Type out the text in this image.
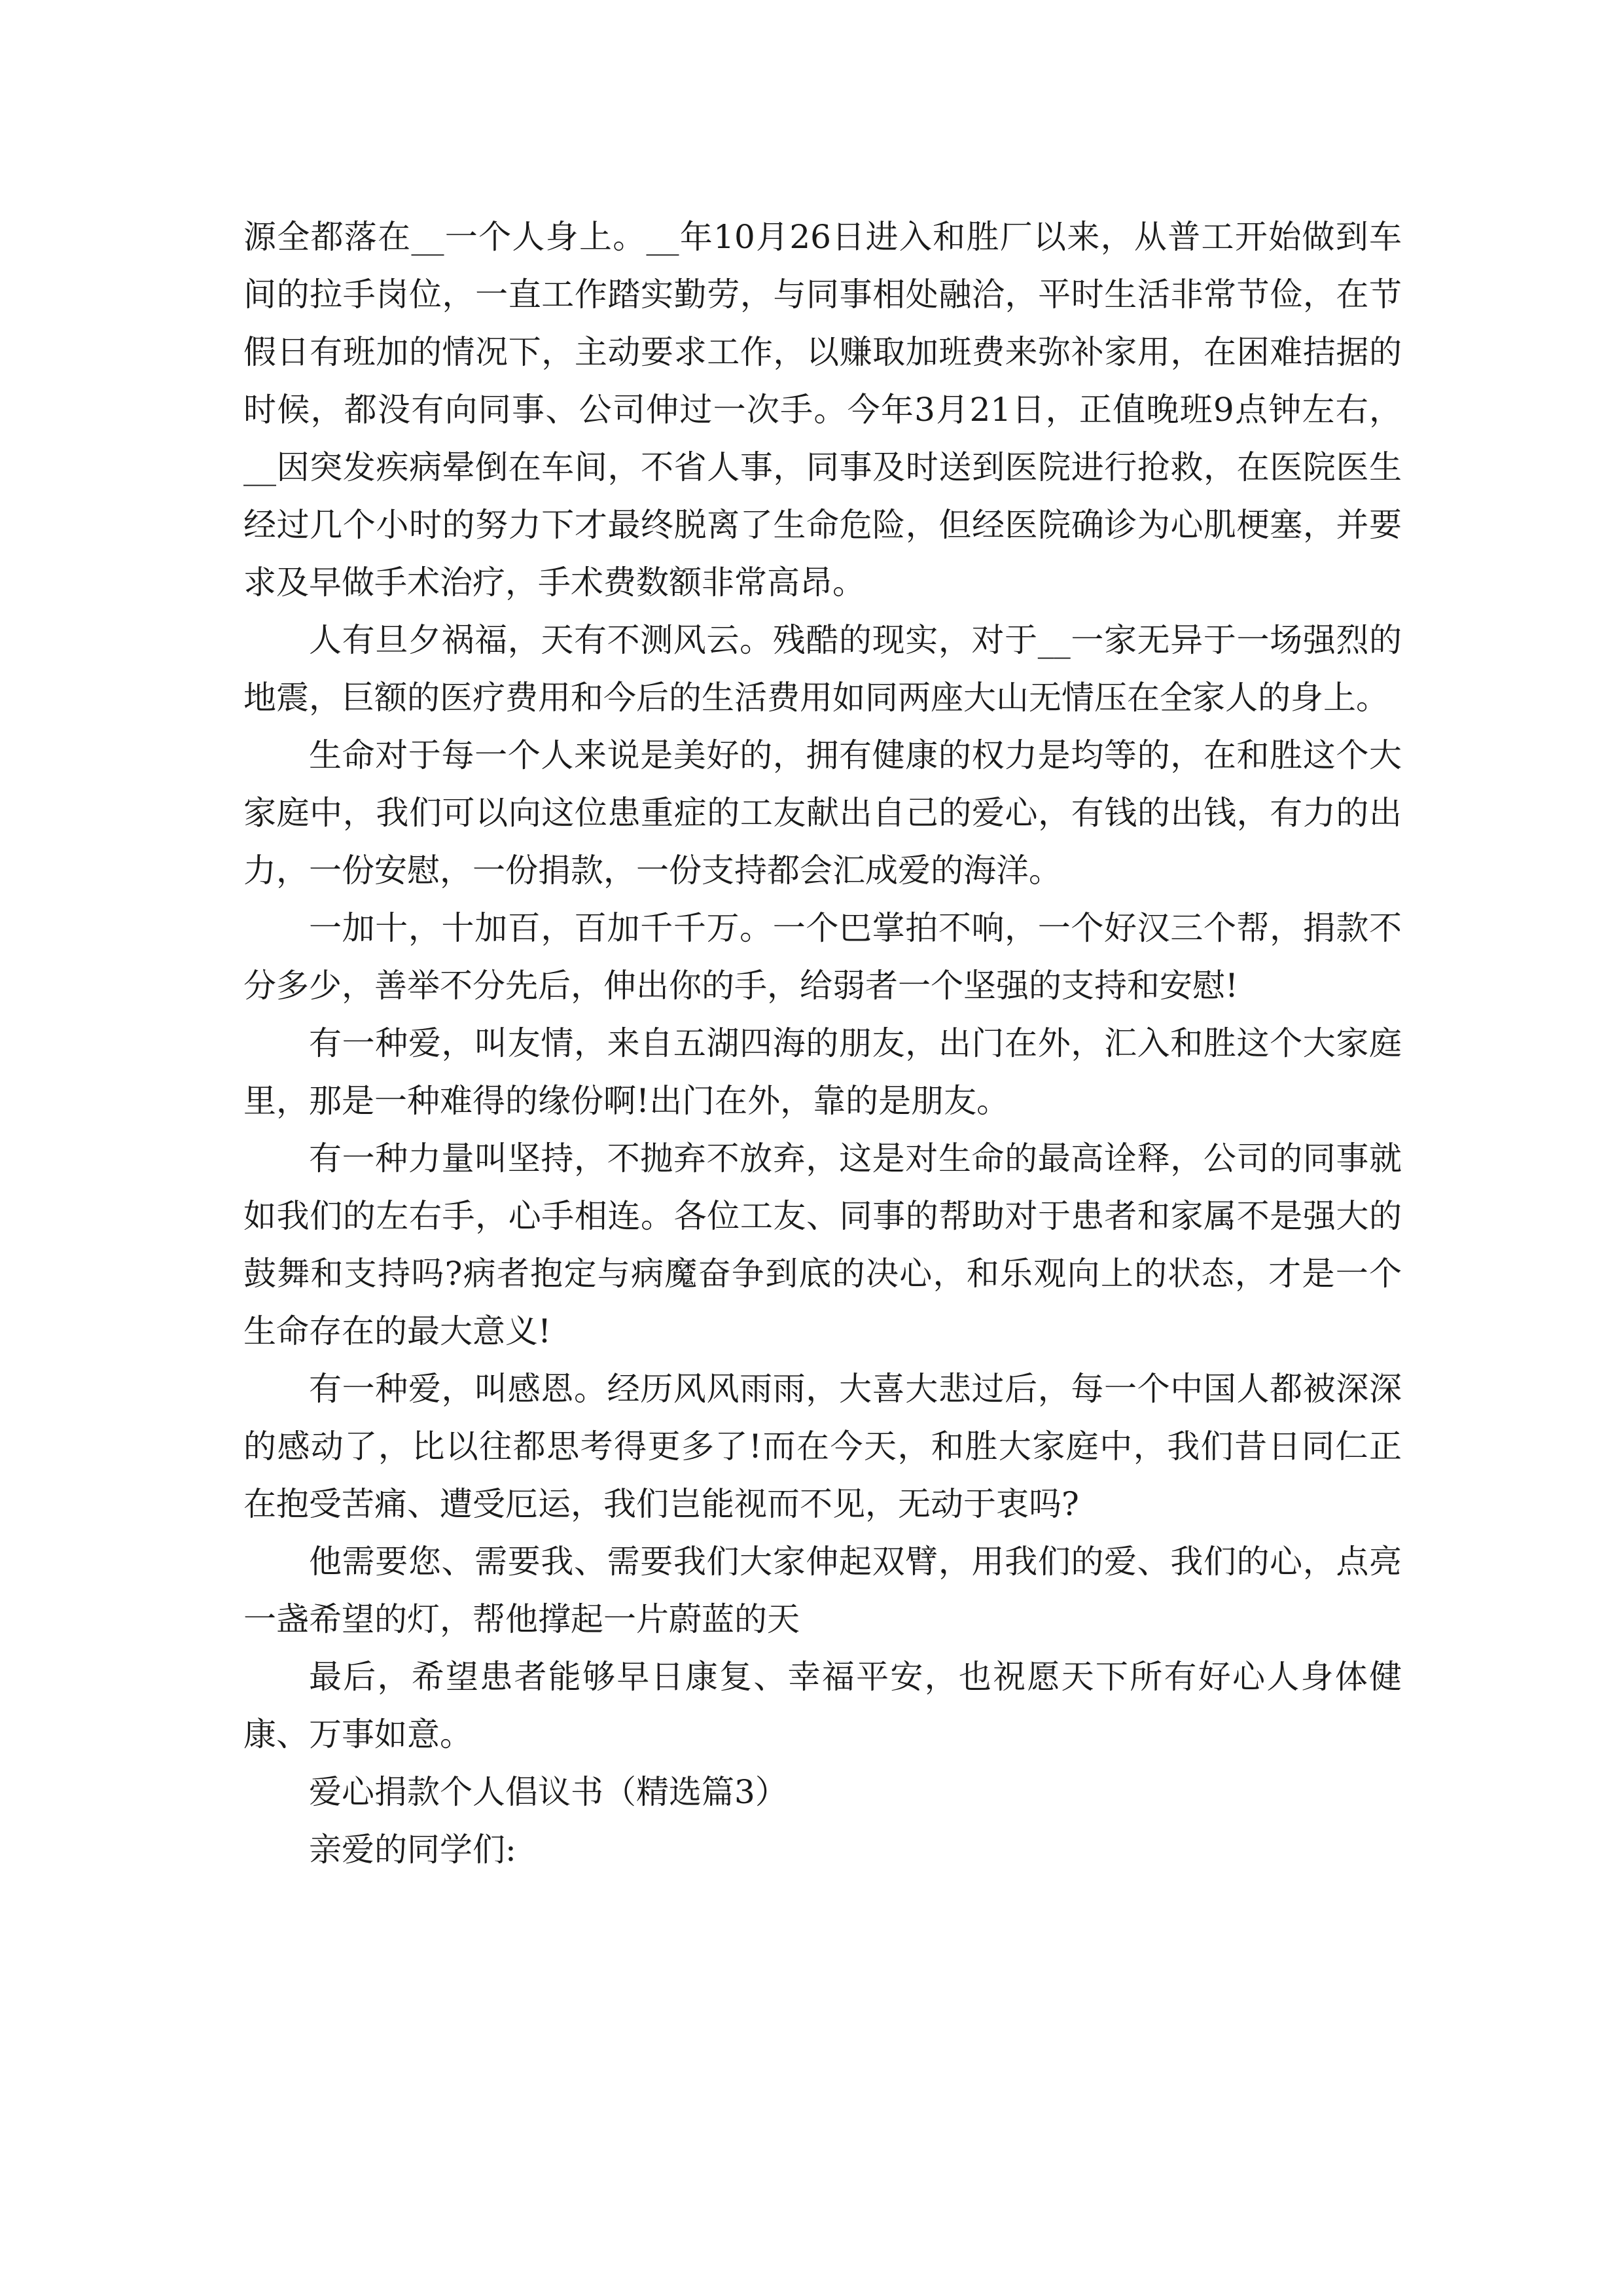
源全都落在__一个人身上。__年10月26日进入和胜厂以来，从普工开始做到车间的拉手岗位，一直工作踏实勤劳，与同事相处融洽，平时生活非常节俭，在节假日有班加的情况下，主动要求工作，以赚取加班费来弥补家用，在困难拮据的时候，都没有向同事、公司伸过一次手。今年3月21日，正值晚班9点钟左右，__因突发疾病晕倒在车间，不省人事，同事及时送到医院进行抢救，在医院医生经过几个小时的努力下才最终脱离了生命危险，但经医院确诊为心肌梗塞，并要求及早做手术治疗，手术费数额非常高昂。

人有旦夕祸福，天有不测风云。残酷的现实，对于__一家无异于一场强烈的地震，巨额的医疗费用和今后的生活费用如同两座大山无情压在全家人的身上。

生命对于每一个人来说是美好的，拥有健康的权力是均等的，在和胜这个大家庭中，我们可以向这位患重症的工友献出自己的爱心，有钱的出钱，有力的出力，一份安慰，一份捐款，一份支持都会汇成爱的海洋。

一加十，十加百，百加千千万。一个巴掌拍不响，一个好汉三个帮，捐款不分多少，善举不分先后，伸出你的手，给弱者一个坚强的支持和安慰!

有一种爱，叫友情，来自五湖四海的朋友，出门在外，汇入和胜这个大家庭里，那是一种难得的缘份啊!出门在外，靠的是朋友。

有一种力量叫坚持，不抛弃不放弃，这是对生命的最高诠释，公司的同事就如我们的左右手，心手相连。各位工友、同事的帮助对于患者和家属不是强大的鼓舞和支持吗?病者抱定与病魔奋争到底的决心，和乐观向上的状态，才是一个生命存在的最大意义!

有一种爱，叫感恩。经历风风雨雨，大喜大悲过后，每一个中国人都被深深的感动了，比以往都思考得更多了!而在今天，和胜大家庭中，我们昔日同仁正在抱受苦痛、遭受厄运，我们岂能视而不见，无动于衷吗?

他需要您、需要我、需要我们大家伸起双臂，用我们的爱、我们的心，点亮一盏希望的灯，帮他撑起一片蔚蓝的天

最后，希望患者能够早日康复、幸福平安，也祝愿天下所有好心人身体健康、万事如意。

爱心捐款个人倡议书（精选篇3）

亲爱的同学们:
